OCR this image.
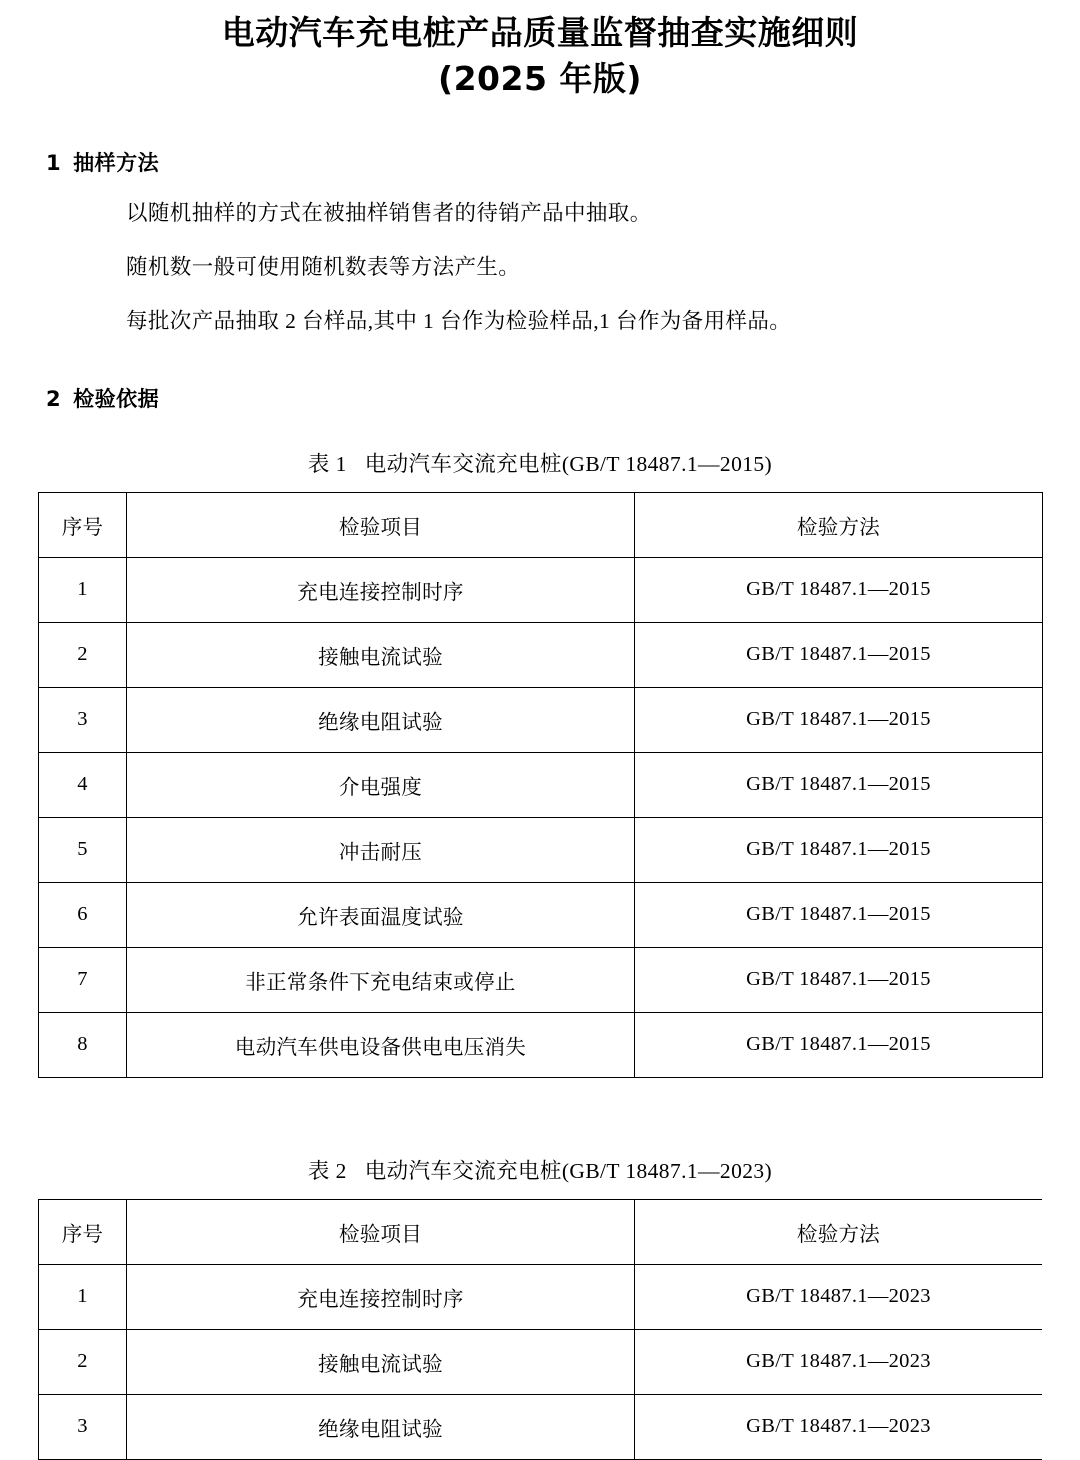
电动汽车充电桩产品质量监督抽查实施细则
(2025 年版)
1 抽样方法

以随机抽样的方式在被抽样销售者的待销产品中抽取。

随机数一般可使用随机数表等方法产生。

每批次产品抽取 2 台样品,其中 1 台作为检验样品,1 台作为备用样品。

2 检验依据
表 1 电动汽车交流充电桩(GB/T 18487.1—2015)
序号	检验项目	检验方法
1	充电连接控制时序	GB/T 18487.1—2015
2	接触电流试验	GB/T 18487.1—2015
3	绝缘电阻试验	GB/T 18487.1—2015
4	介电强度	GB/T 18487.1—2015
5	冲击耐压	GB/T 18487.1—2015
6	允许表面温度试验	GB/T 18487.1—2015
7	非正常条件下充电结束或停止	GB/T 18487.1—2015
8	电动汽车供电设备供电电压消失	GB/T 18487.1—2015
表 2 电动汽车交流充电桩(GB/T 18487.1—2023)
序号	检验项目	检验方法
1	充电连接控制时序	GB/T 18487.1—2023
2	接触电流试验	GB/T 18487.1—2023
3	绝缘电阻试验	GB/T 18487.1—2023
